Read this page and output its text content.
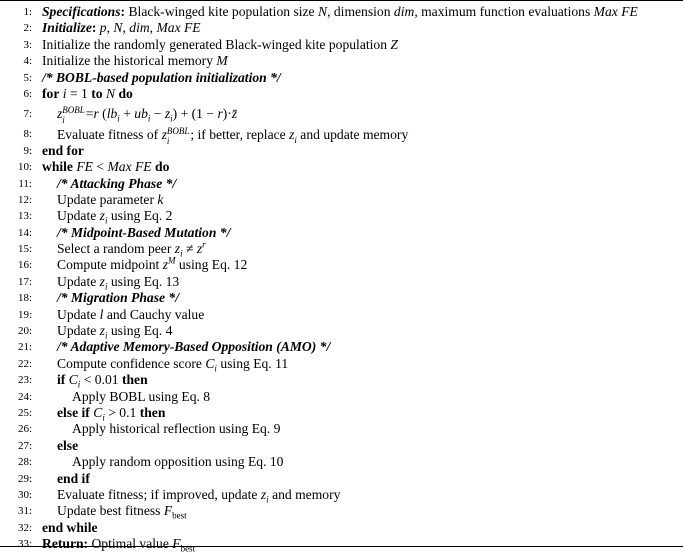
1: Specifications: Black-winged kite population size N, dimension dim, maximum function evaluations Max FE
2: Initialize: p, N, dim, Max FE
3: Initialize the randomly generated Black-winged kite population Z
4: Initialize the historical memory M
5: /* BOBL-based population initialization */
6: for i = 1 to N do
7: z BOBL
i	=r $(lb_i + ub_i - z_i) + (1$ − r)·z̄
8: Evaluate fitness of z BOBL
i	; if better, replace $z_i$ and update memory
9: end for
10: while FE < Max FE do
11: /* Attacking Phase */
12: Update parameter k
13: Update $z_i$ using Eq. 2
14: /* Midpoint-Based Mutation */
15: Select a random peer $z_i \ne z^r$
16: Compute midpoint $z^M$ using Eq. 12
17: Update $z_i$ using Eq. 13
18: /* Migration Phase */
19: Update l and Cauchy value
20: Update $z_i$ using Eq. 4
21: /* Adaptive Memory-Based Opposition (AMO) */
22: Compute confidence score $C_i$ using Eq. 11
23: if $C_i < 0.01$ then
24:	Apply BOBL using Eq. 8
25: else if $C_i > 0.1$ then
26:	Apply historical reflection using Eq. 9
27: else
28:	Apply random opposition using Eq. 10
29: end if
30: Evaluate fitness; if improved, update $z_i$ and memory
31: Update best fitness $F_{best}$
32: end while
33: Return: Optimal value $F_{best}$
